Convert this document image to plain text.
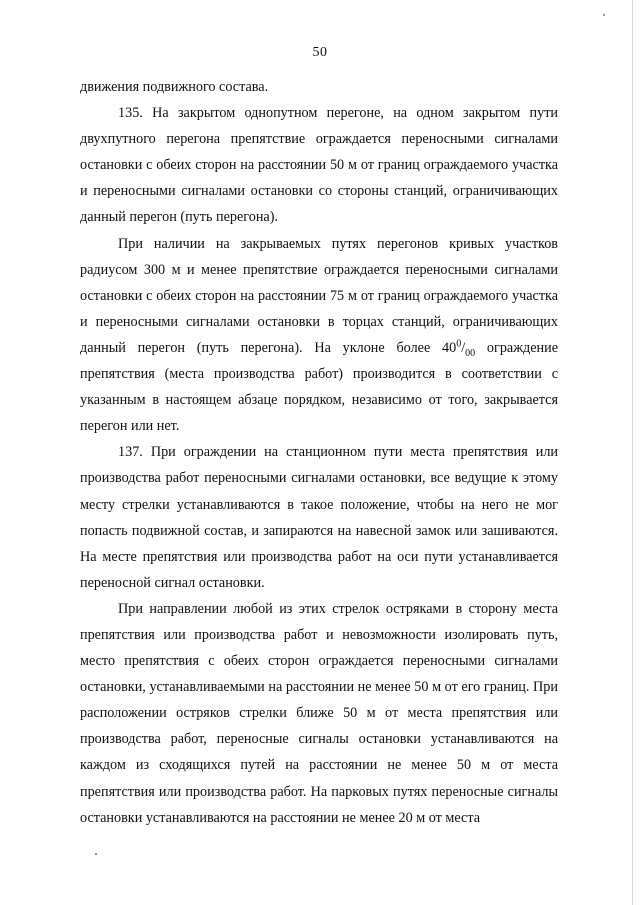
50

движения подвижного состава.

135. На закрытом однопутном перегоне, на одном закрытом пути двухпутного перегона препятствие ограждается переносными сигналами остановки с обеих сторон на расстоянии 50 м от границ ограждаемого участка и переносными сигналами остановки со стороны станций, ограничивающих данный перегон (путь перегона).

При наличии на закрываемых путях перегонов кривых участков радиусом 300 м и менее препятствие ограждается переносными сигналами остановки с обеих сторон на расстоянии 75 м от границ ограждаемого участка и переносными сигналами остановки в торцах станций, ограничивающих данный перегон (путь перегона). На уклоне более $40^0/_{00}$ ограждение препятствия (места производства работ) производится в соответствии с указанным в настоящем абзаце порядком, независимо от того, закрывается перегон или нет.

137. При ограждении на станционном пути места препятствия или производства работ переносными сигналами остановки, все ведущие к этому месту стрелки устанавливаются в такое положение, чтобы на него не мог попасть подвижной состав, и запираются на навесной замок или зашиваются. На месте препятствия или производства работ на оси пути устанавливается переносной сигнал остановки.

При направлении любой из этих стрелок остряками в сторону места препятствия или производства работ и невозможности изолировать путь, место препятствия с обеих сторон ограждается переносными сигналами остановки, устанавливаемыми на расстоянии не менее 50 м от его границ. При расположении остряков стрелки ближе 50 м от места препятствия или производства работ, переносные сигналы остановки устанавливаются на каждом из сходящихся путей на расстоянии не менее 50 м от места препятствия или производства работ. На парковых путях переносные сигналы остановки устанавливаются на расстоянии не менее 20 м от места
